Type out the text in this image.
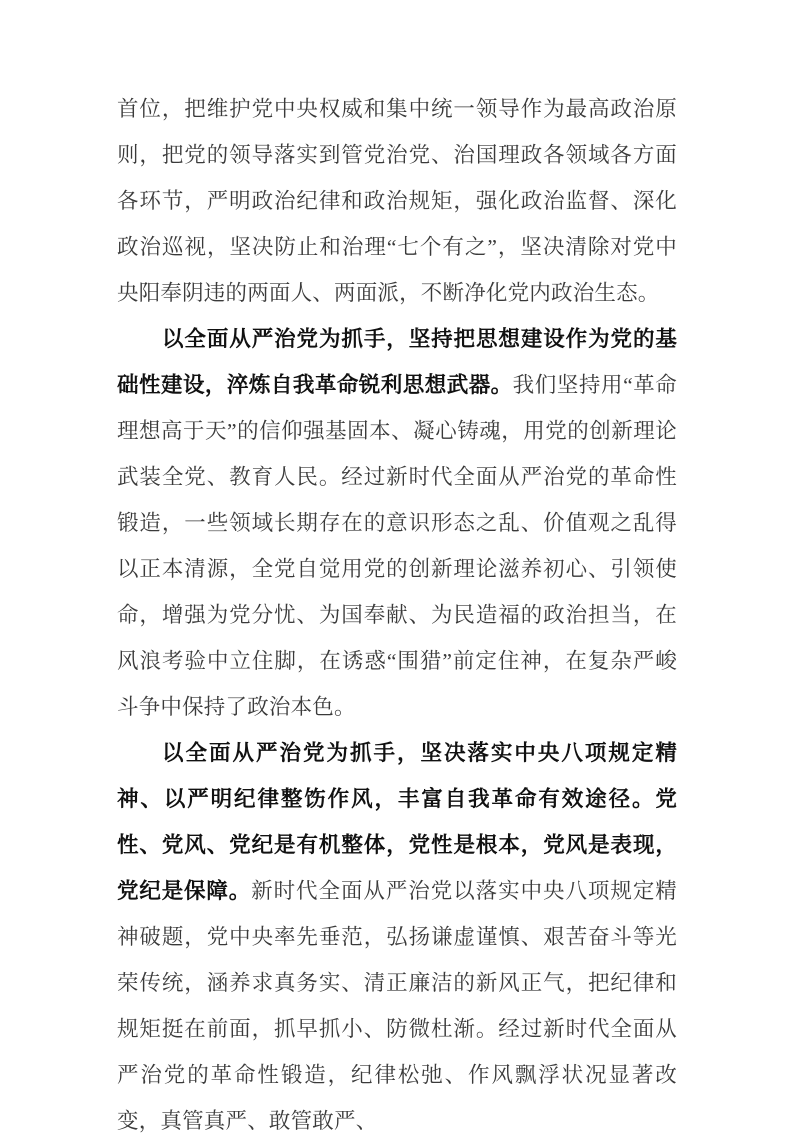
首位，把维护党中央权威和集中统一领导作为最高政治原则，把党的领导落实到管党治党、治国理政各领域各方面各环节，严明政治纪律和政治规矩，强化政治监督、深化政治巡视，坚决防止和治理“七个有之”，坚决清除对党中央阳奉阴违的两面人、两面派，不断净化党内政治生态。

以全面从严治党为抓手，坚持把思想建设作为党的基础性建设，淬炼自我革命锐利思想武器。我们坚持用“革命理想高于天”的信仰强基固本、凝心铸魂，用党的创新理论武装全党、教育人民。经过新时代全面从严治党的革命性锻造，一些领域长期存在的意识形态之乱、价值观之乱得以正本清源，全党自觉用党的创新理论滋养初心、引领使命，增强为党分忧、为国奉献、为民造福的政治担当，在风浪考验中立住脚，在诱惑“围猎”前定住神，在复杂严峻斗争中保持了政治本色。

以全面从严治党为抓手，坚决落实中央八项规定精神、以严明纪律整饬作风，丰富自我革命有效途径。党性、党风、党纪是有机整体，党性是根本，党风是表现，党纪是保障。新时代全面从严治党以落实中央八项规定精神破题，党中央率先垂范，弘扬谦虚谨慎、艰苦奋斗等光荣传统，涵养求真务实、清正廉洁的新风正气，把纪律和规矩挺在前面，抓早抓小、防微杜渐。经过新时代全面从严治党的革命性锻造，纪律松弛、作风飘浮状况显著改变，真管真严、敢管敢严、
